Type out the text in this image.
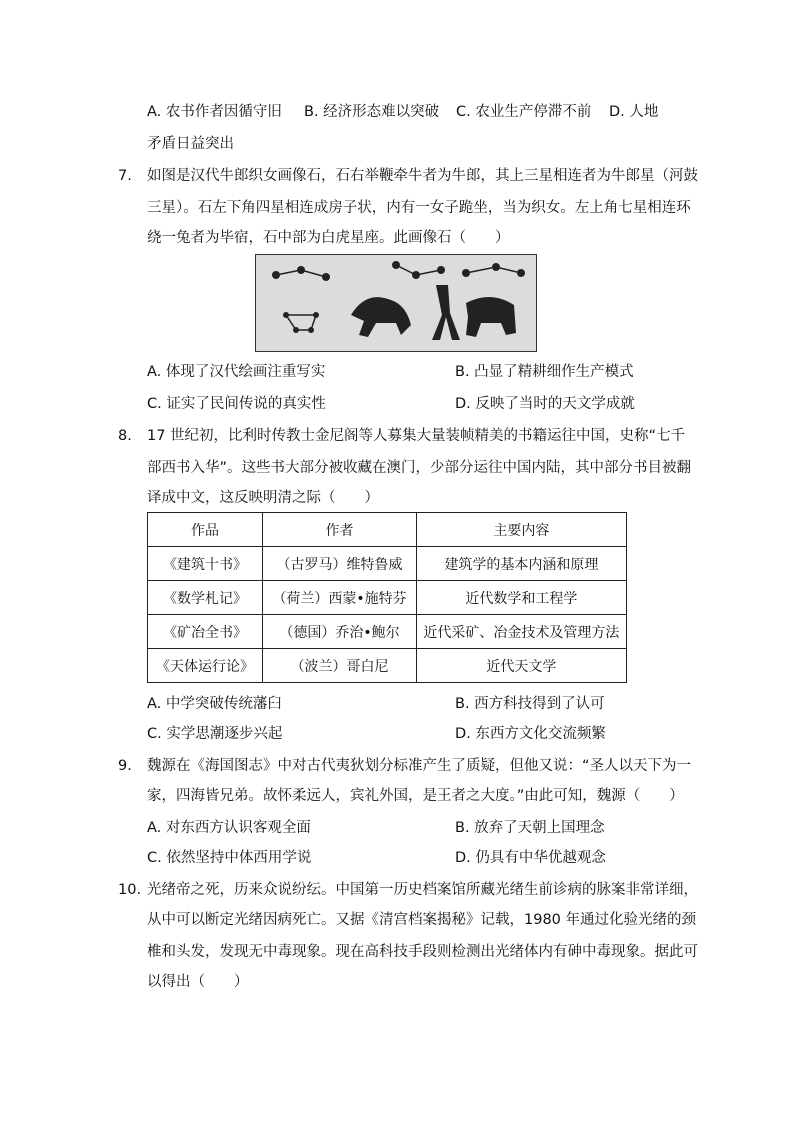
A. 农书作者因循守旧 B. 经济形态难以突破 C. 农业生产停滞不前 D. 人地
矛盾日益突出
7. 如图是汉代牛郎织女画像石，石右举鞭牵牛者为牛郎，其上三星相连者为牛郎星（河鼓
三星）。石左下角四星相连成房子状，内有一女子跪坐，当为织女。左上角七星相连环
绕一兔者为毕宿，石中部为白虎星座。此画像石（　　）
A. 体现了汉代绘画注重写实	B. 凸显了精耕细作生产模式
C. 证实了民间传说的真实性	D. 反映了当时的天文学成就
8. 17 世纪初，比利时传教士金尼阁等人募集大量装帧精美的书籍运往中国，史称“七千
部西书入华”。这些书大部分被收藏在澳门，少部分运往中国内陆，其中部分书目被翻
译成中文，这反映明清之际（　　）
作品	作者	主要内容
《建筑十书》	（古罗马）维特鲁威	建筑学的基本内涵和原理
《数学札记》	（荷兰）西蒙•施特芬	近代数学和工程学
《矿冶全书》	（德国）乔治•鲍尔	近代采矿、冶金技术及管理方法
《天体运行论》	（波兰）哥白尼	近代天文学
A. 中学突破传统藩臼	B. 西方科技得到了认可
C. 实学思潮逐步兴起	D. 东西方文化交流频繁
9. 魏源在《海国图志》中对古代夷狄划分标准产生了质疑，但他又说：“圣人以天下为一
家，四海皆兄弟。故怀柔远人，宾礼外国，是王者之大度。”由此可知，魏源（　　）
A. 对东西方认识客观全面	B. 放弃了天朝上国理念
C. 依然坚持中体西用学说	D. 仍具有中华优越观念
10. 光绪帝之死，历来众说纷纭。中国第一历史档案馆所藏光绪生前诊病的脉案非常详细，
从中可以断定光绪因病死亡。又据《清宫档案揭秘》记载，1980 年通过化验光绪的颈
椎和头发，发现无中毒现象。现在高科技手段则检测出光绪体内有砷中毒现象。据此可
以得出（　　）
